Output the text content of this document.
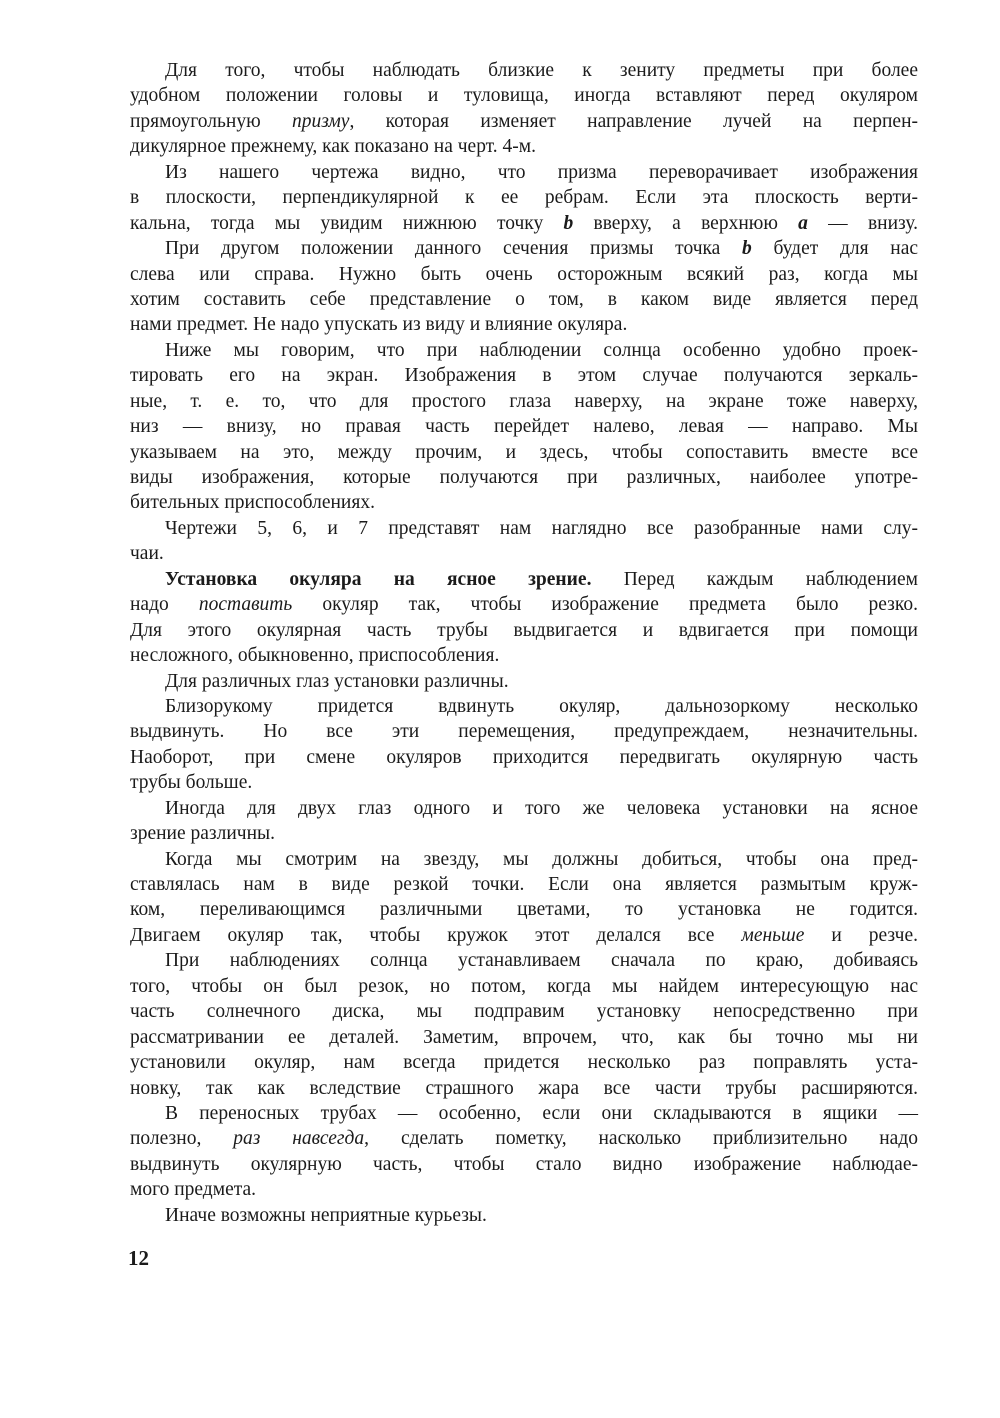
Для того, чтобы наблюдать близкие к зениту предметы при более
удобном положении головы и туловища, иногда вставляют перед окуляром
прямоугольную призму, которая изменяет направление лучей на перпен-
дикулярное прежнему, как показано на черт. 4-м.
Из нашего чертежа видно, что призма переворачивает изображения
в плоскости, перпендикулярной к ее ребрам. Если эта плоскость верти-
кальна, тогда мы увидим нижнюю точку b вверху, а верхнюю a — внизу.
При другом положении данного сечения призмы точка b будет для нас
слева или справа. Нужно быть очень осторожным всякий раз, когда мы
хотим составить себе представление о том, в каком виде является перед
нами предмет. Не надо упускать из виду и влияние окуляра.
Ниже мы говорим, что при наблюдении солнца особенно удобно проек-
тировать его на экран. Изображения в этом случае получаются зеркаль-
ные, т. е. то, что для простого глаза наверху, на экране тоже наверху,
низ — внизу, но правая часть перейдет налево, левая — направо. Мы
указываем на это, между прочим, и здесь, чтобы сопоставить вместе все
виды изображения, которые получаются при различных, наиболее употре-
бительных приспособлениях.
Чертежи 5, 6, и 7 представят нам наглядно все разобранные нами слу-
чаи.
Установка окуляра на ясное зрение. Перед каждым наблюдением
надо поставить окуляр так, чтобы изображение предмета было резко.
Для этого окулярная часть трубы выдвигается и вдвигается при помощи
несложного, обыкновенно, приспособления.
Для различных глаз установки различны.
Близорукому придется вдвинуть окуляр, дальнозоркому несколько
выдвинуть. Но все эти перемещения, предупреждаем, незначительны.
Наоборот, при смене окуляров приходится передвигать окулярную часть
трубы больше.
Иногда для двух глаз одного и того же человека установки на ясное
зрение различны.
Когда мы смотрим на звезду, мы должны добиться, чтобы она пред-
ставлялась нам в виде резкой точки. Если она является размытым круж-
ком, переливающимся различными цветами, то установка не годится.
Двигаем окуляр так, чтобы кружок этот делался все меньше и резче.
При наблюдениях солнца устанавливаем сначала по краю, добиваясь
того, чтобы он был резок, но потом, когда мы найдем интересующую нас
часть солнечного диска, мы подправим установку непосредственно при
рассматривании ее деталей. Заметим, впрочем, что, как бы точно мы ни
установили окуляр, нам всегда придется несколько раз поправлять уста-
новку, так как вследствие страшного жара все части трубы расширяются.
В переносных трубах — особенно, если они складываются в ящики —
полезно, раз навсегда, сделать пометку, насколько приблизительно надо
выдвинуть окулярную часть, чтобы стало видно изображение наблюдае-
мого предмета.
Иначе возможны неприятные курьезы.
12
